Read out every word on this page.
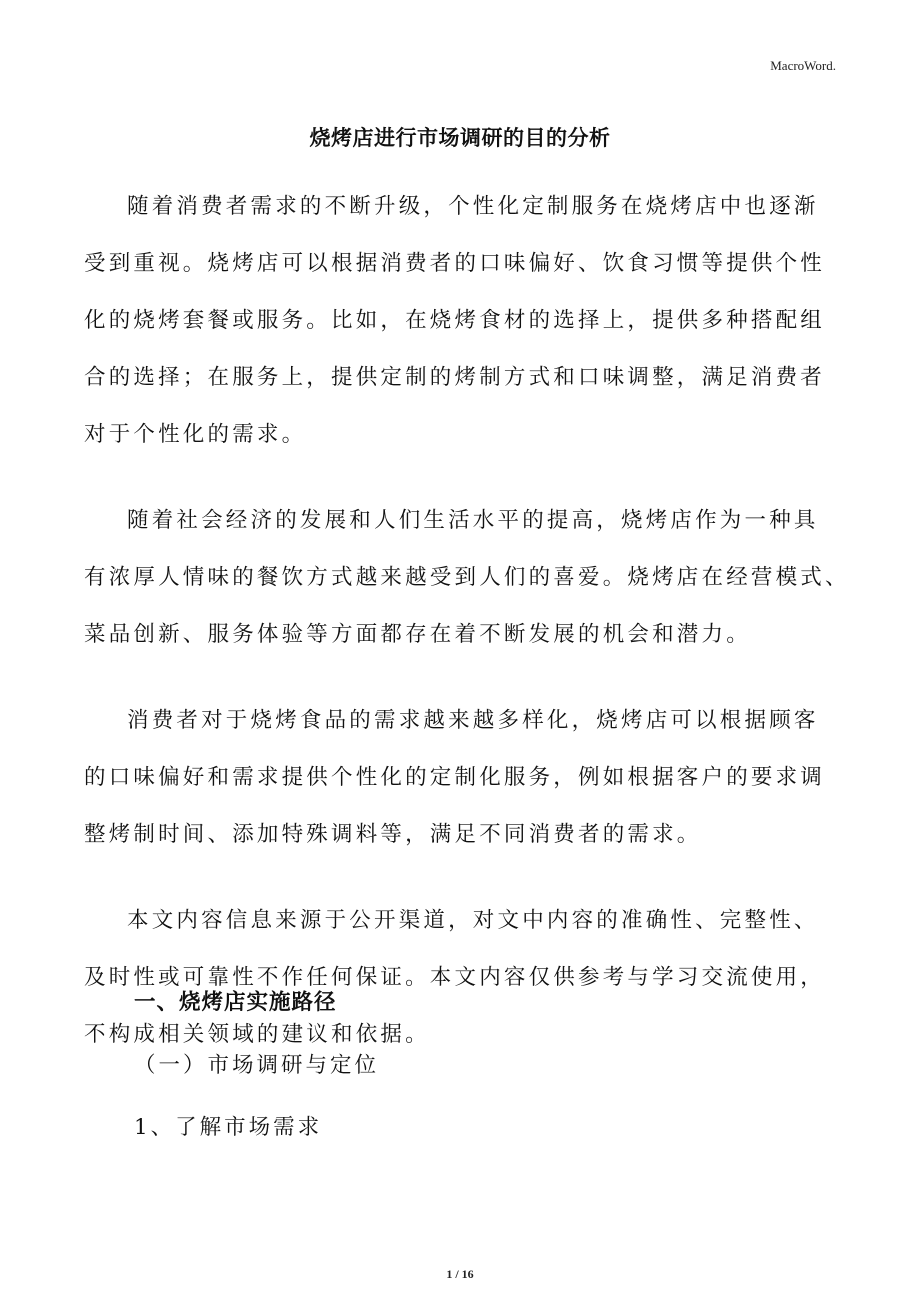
MacroWord.
烧烤店进行市场调研的目的分析

随着消费者需求的不断升级，个性化定制服务在烧烤店中也逐渐
受到重视。烧烤店可以根据消费者的口味偏好、饮食习惯等提供个性
化的烧烤套餐或服务。比如，在烧烤食材的选择上，提供多种搭配组
合的选择；在服务上，提供定制的烤制方式和口味调整，满足消费者
对于个性化的需求。

随着社会经济的发展和人们生活水平的提高，烧烤店作为一种具
有浓厚人情味的餐饮方式越来越受到人们的喜爱。烧烤店在经营模式、
菜品创新、服务体验等方面都存在着不断发展的机会和潜力。

消费者对于烧烤食品的需求越来越多样化，烧烤店可以根据顾客
的口味偏好和需求提供个性化的定制化服务，例如根据客户的要求调
整烤制时间、添加特殊调料等，满足不同消费者的需求。

本文内容信息来源于公开渠道，对文中内容的准确性、完整性、
及时性或可靠性不作任何保证。本文内容仅供参考与学习交流使用，
不构成相关领域的建议和依据。

一、烧烤店实施路径
（一）市场调研与定位
1、了解市场需求
1 / 16
